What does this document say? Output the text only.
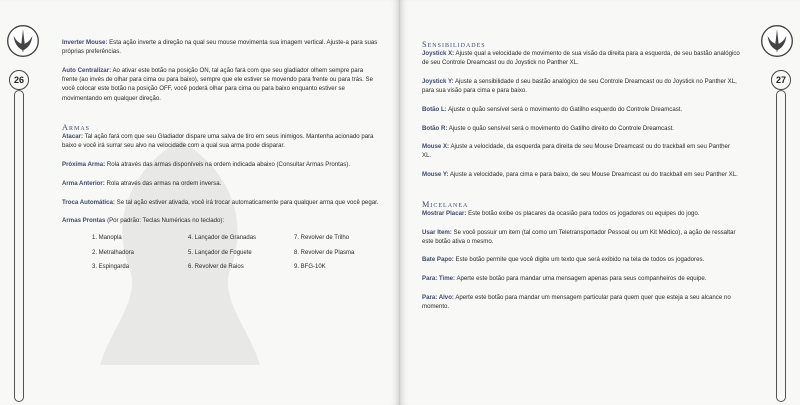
26
Inverter Mouse: Esta ação inverte a direção na qual seu mouse movimenta sua imagem vertical. Ajuste-a para suas próprias preferências.
Auto Centralizar: Ao ativar este botão na posição ON, tal ação fará com que seu gladiador olhem sempre para frente (ao invés de olhar para cima ou para baixo), sempre que ele estiver se movendo para frente ou para trás. Se você colocar este botão na posição OFF, você poderá olhar para cima ou para baixo enquanto estiver se movimentando em qualquer direção.
Armas
Atacar: Tal ação fará com que seu Gladiador dispare uma salva de tiro em seus inimigos. Mantenha acionado para baixo e você irá surrar seu alvo na velocidade com a qual sua arma pode disparar.
Próxima Arma: Rola através das armas disponíveis na ordem indicada abaixo (Consultar Armas Prontas).
Arma Anterior: Rola através das armas na ordem inversa.
Troca Automática: Se tal ação estiver ativada, você irá trocar automaticamente para qualquer arma que você pegar.
Armas Prontas (Por padrão: Teclas Numéricas no teclado):
1. Manopla	4. Lançador de Granadas	7. Revolver de Trilho
2. Metralhadora	5. Lançador de Foguete	8. Revolver de Plasma
3. Espingarda	6. Revolver de Raios	9. BFG-10K
27
Sensibilidades
Joystick X: Ajuste qual a velocidade de movimento de sua visão da direita para a esquerda, de seu bastão analógico de seu Controle Dreamcast ou do Joystick no Panther XL.
Joystick Y: Ajuste a sensibilidade d seu bastão analógico de seu Controle Dreamcast ou do Joystick no Panther XL, para sua visão para cima e para baixo.
Botão L: Ajuste o quão sensível será o movimento do Gatilho esquerdo do Controle Dreamcast.
Botão R: Ajuste o quão sensível será o movimento do Gatilho direito do Controle Dreamcast.
Mouse X: Ajuste a velocidade, da esquerda para direita de seu Mouse Dreamcast ou do trackball em seu Panther XL.
Mouse Y: Ajuste a velocidade, para cima e para baixo, de seu Mouse Dreamcast ou do trackball em seu Panther XL.
Micelanea
Mostrar Placar: Este botão exibe os placares da ocasião para todos os jogadores ou equipes do jogo.
Usar Item: Se você possuir um item (tal como um Teletransportador Pessoal ou um Kit Médico), a ação de ressaltar este botão ativa o mesmo.
Bate Papo: Este botão permite que você digite um texto que será exibido na tela de todos os jogadores.
Para: Time: Aperte este botão para mandar uma mensagem apenas para seus companheiros de equipe.
Para: Alvo: Aperte este botão para mandar um mensagem particular para quem quer que esteja a seu alcance no momento.
